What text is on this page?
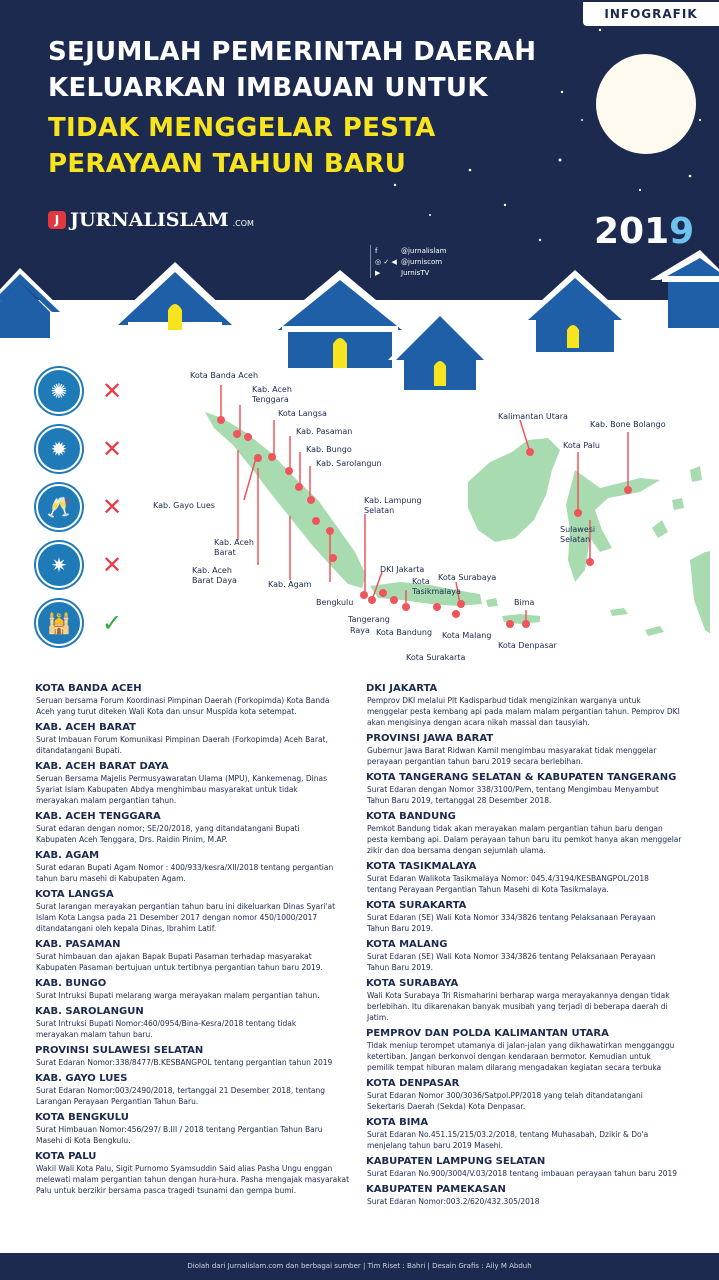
INFOGRAFIK
SEJUMLAH PEMERINTAH DAERAH
KELUARKAN IMBAUAN UNTUK
TIDAK MENGGELAR PESTA
PERAYAAN TAHUN BARU
J JURNALISLAM .COM	2019
f	@jurnalislam
◎ ✓ ◀ @jurniscom
▶	JurnisTV
✺	✕
✹	✕
🥂	✕
✷	✕
🕌	✓
Kota Banda Aceh
Kab. Aceh
Tenggara
Kota Langsa
Kab. Pasaman
Kab. Bungo
Kab. Sarolangun
Kab. Gayo Lues
Kab. Lampung
Selatan
Kab. Aceh
Barat
Kab. Aceh
Barat Daya	Kab. Agam
Bengkulu
DKI Jakarta
Kota
Tasikmalaya
Kota Surabaya
Tangerang
Raya Kota Bandung Kota Malang
Kota Surakarta
Bima
Kota Denpasar
Kalimantan Utara
Kab. Bone Bolango
Kota Palu
Sulawesi
Selatan
KOTA BANDA ACEH
Seruan bersama Forum Koordinasi Pimpinan Daerah (Forkopimda) Kota Banda
Aceh yang turut diteken Wali Kota dan unsur Muspida kota setempat.
KAB. ACEH BARAT
Surat Imbauan Forum Komunikasi Pimpinan Daerah (Forkopimda) Aceh Barat,
ditandatangani Bupati.
KAB. ACEH BARAT DAYA
Seruan Bersama Majelis Permusyawaratan Ulama (MPU), Kankemenag, Dinas
Syariat Islam Kabupaten Abdya menghimbau masyarakat untuk tidak
merayakan malam pergantian tahun.
KAB. ACEH TENGGARA
Surat edaran dengan nomor; SE/20/2018, yang ditandatangani Bupati
Kabupaten Aceh Tenggara, Drs. Raidin Pinim, M.AP.
KAB. AGAM
Surat edaran Bupati Agam Nomor : 400/933/kesra/XII/2018 tentang pergantian
tahun baru masehi di Kabupaten Agam.
KOTA LANGSA
Surat larangan merayakan pergantian tahun baru ini dikeluarkan Dinas Syari'at
Islam Kota Langsa pada 21 Desember 2017 dengan nomor 450/1000/2017
ditandatangani oleh kepala Dinas, Ibrahim Latif.
KAB. PASAMAN
Surat himbauan dan ajakan Bapak Bupati Pasaman terhadap masyarakat
Kabupaten Pasaman bertujuan untuk tertibnya pergantian tahun baru 2019.
KAB. BUNGO
Surat Intruksi Bupati melarang warga merayakan malam pergantian tahun.
KAB. SAROLANGUN
Surat Intruksi Bupati Nomor:460/0954/Bina-Kesra/2018 tentang tidak
merayakan malam tahun baru.
PROVINSI SULAWESI SELATAN
Surat Edaran Nomor:338/8477/B.KESBANGPOL tentang pergantian tahun 2019
KAB. GAYO LUES
Surat Edaran Nomor:003/2490/2018, tertanggal 21 Desember 2018, tentang
Larangan Perayaan Pergantian Tahun Baru.
KOTA BENGKULU
Surat Himbauan Nomor:456/297/ B.III / 2018 tentang Pergantian Tahun Baru
Masehi di Kota Bengkulu.
KOTA PALU
Wakil Wali Kota Palu, Sigit Purnomo Syamsuddin Said alias Pasha Ungu enggan
melewati malam pergantian tahun dengan hura-hura. Pasha mengajak masyarakat
Palu untuk berzikir bersama pasca tragedi tsunami dan gempa bumi.
DKI JAKARTA
Pemprov DKI melalui Plt Kadisparbud tidak mengizinkan warganya untuk
menggelar pesta kembang api pada malam malam pergantian tahun. Pemprov DKI
akan mengisinya dengan acara nikah massal dan tausyiah.
PROVINSI JAWA BARAT
Gubernur Jawa Barat Ridwan Kamil mengimbau masyarakat tidak menggelar
perayaan pergantian tahun baru 2019 secara berlebihan.
KOTA TANGERANG SELATAN & KABUPATEN TANGERANG
Surat Edaran dengan Nomor 338/3100/Pem, tentang Mengimbau Menyambut
Tahun Baru 2019, tertanggal 28 Desember 2018.
KOTA BANDUNG
Pemkot Bandung tidak akan merayakan malam pergantian tahun baru dengan
pesta kembang api. Dalam perayaan tahun baru itu pemkot hanya akan menggelar
zikir dan doa bersama dengan sejumlah ulama.
KOTA TASIKMALAYA
Surat Edaran Walikota Tasikmalaya Nomor: 045.4/3194/KESBANGPOL/2018
tentang Perayaan Pergantian Tahun Masehi di Kota Tasikmalaya.
KOTA SURAKARTA
Surat Edaran (SE) Wali Kota Nomor 334/3826 tentang Pelaksanaan Perayaan
Tahun Baru 2019.
KOTA MALANG
Surat Edaran (SE) Wali Kota Nomor 334/3826 tentang Pelaksanaan Perayaan
Tahun Baru 2019.
KOTA SURABAYA
Wali Kota Surabaya Tri Rismaharini berharap warga merayakannya dengan tidak
berlebihan. Itu dikarenakan banyak musibah yang terjadi di beberapa daerah di
Jatim.
PEMPROV DAN POLDA KALIMANTAN UTARA
Tidak meniup terompet utamanya di jalan-jalan yang dikhawatirkan mengganggu
ketertiban. Jangan berkonvoi dengan kendaraan bermotor. Kemudian untuk
pemilik tempat hiburan malam dilarang mengadakan kegiatan secara terbuka
KOTA DENPASAR
Surat Edaran Nomor 300/3036/Satpol.PP/2018 yang telah ditandatangani
Sekertaris Daerah (Sekda) Kota Denpasar.
KOTA BIMA
Surat Edaran No.451.15/215/03.2/2018, tentang Muhasabah, Dzikir & Do'a
menjelang tahun baru 2019 Masehi.
KABUPATEN LAMPUNG SELATAN
Surat Edaran No.900/3004/V.03/2018 tentang imbauan perayaan tahun baru 2019
KABUPATEN PAMEKASAN
Surat Edaran Nomor:003.2/620/432.305/2018
Diolah dari Jurnalislam.com dan berbagai sumber | Tim Riset : Bahri | Desain Grafis : Aily M Abduh
